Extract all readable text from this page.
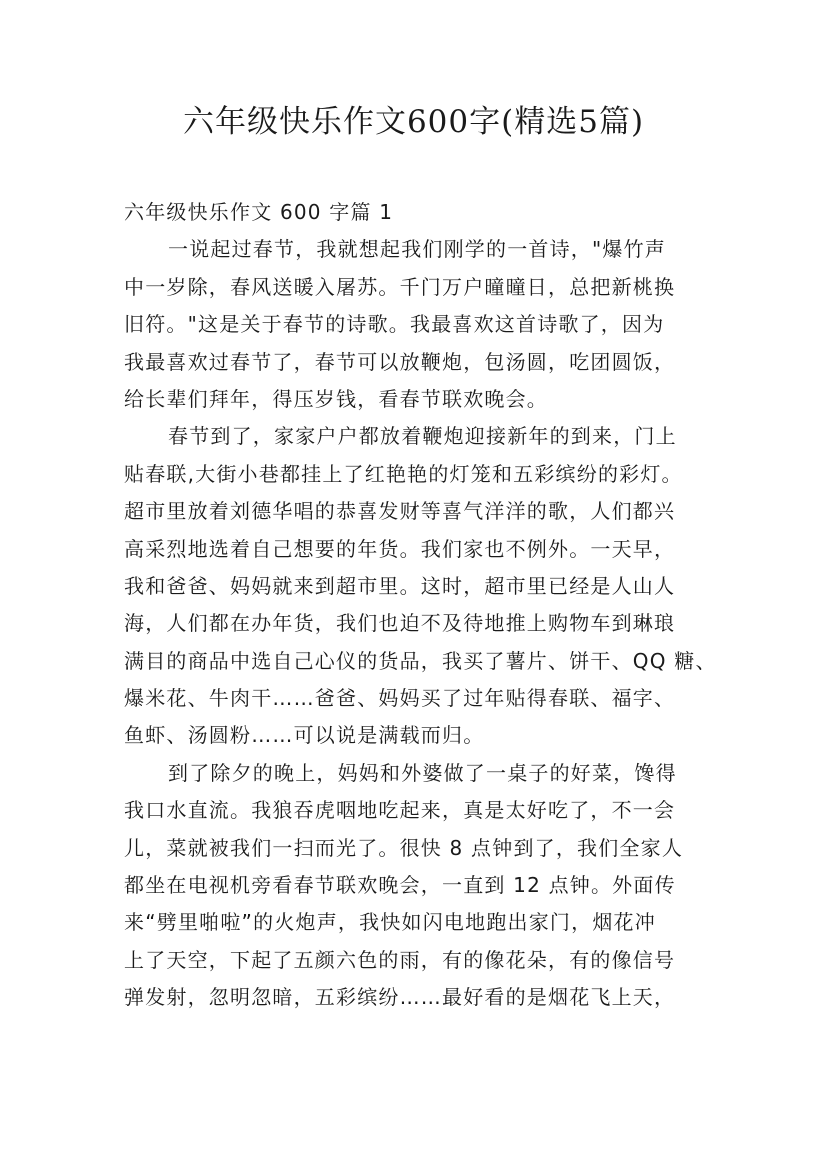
六年级快乐作文600字(精选5篇)
六年级快乐作文 600 字篇 1
一说起过春节，我就想起我们刚学的一首诗，"爆竹声
中一岁除，春风送暖入屠苏。千门万户曈曈日，总把新桃换
旧符。"这是关于春节的诗歌。我最喜欢这首诗歌了，因为
我最喜欢过春节了，春节可以放鞭炮，包汤圆，吃团圆饭，
给长辈们拜年，得压岁钱，看春节联欢晚会。
春节到了，家家户户都放着鞭炮迎接新年的到来，门上
贴春联,大街小巷都挂上了红艳艳的灯笼和五彩缤纷的彩灯。
超市里放着刘德华唱的恭喜发财等喜气洋洋的歌，人们都兴
高采烈地选着自己想要的年货。我们家也不例外。一天早，
我和爸爸、妈妈就来到超市里。这时，超市里已经是人山人
海，人们都在办年货，我们也迫不及待地推上购物车到琳琅
满目的商品中选自己心仪的货品，我买了薯片、饼干、QQ 糖、
爆米花、牛肉干……爸爸、妈妈买了过年贴得春联、福字、
鱼虾、汤圆粉……可以说是满载而归。
到了除夕的晚上，妈妈和外婆做了一桌子的好菜，馋得
我口水直流。我狼吞虎咽地吃起来，真是太好吃了，不一会
儿，菜就被我们一扫而光了。很快 8 点钟到了，我们全家人
都坐在电视机旁看春节联欢晚会，一直到 12 点钟。外面传
来“劈里啪啦”的火炮声，我快如闪电地跑出家门，烟花冲
上了天空，下起了五颜六色的雨，有的像花朵，有的像信号
弹发射，忽明忽暗，五彩缤纷……最好看的是烟花飞上天，
